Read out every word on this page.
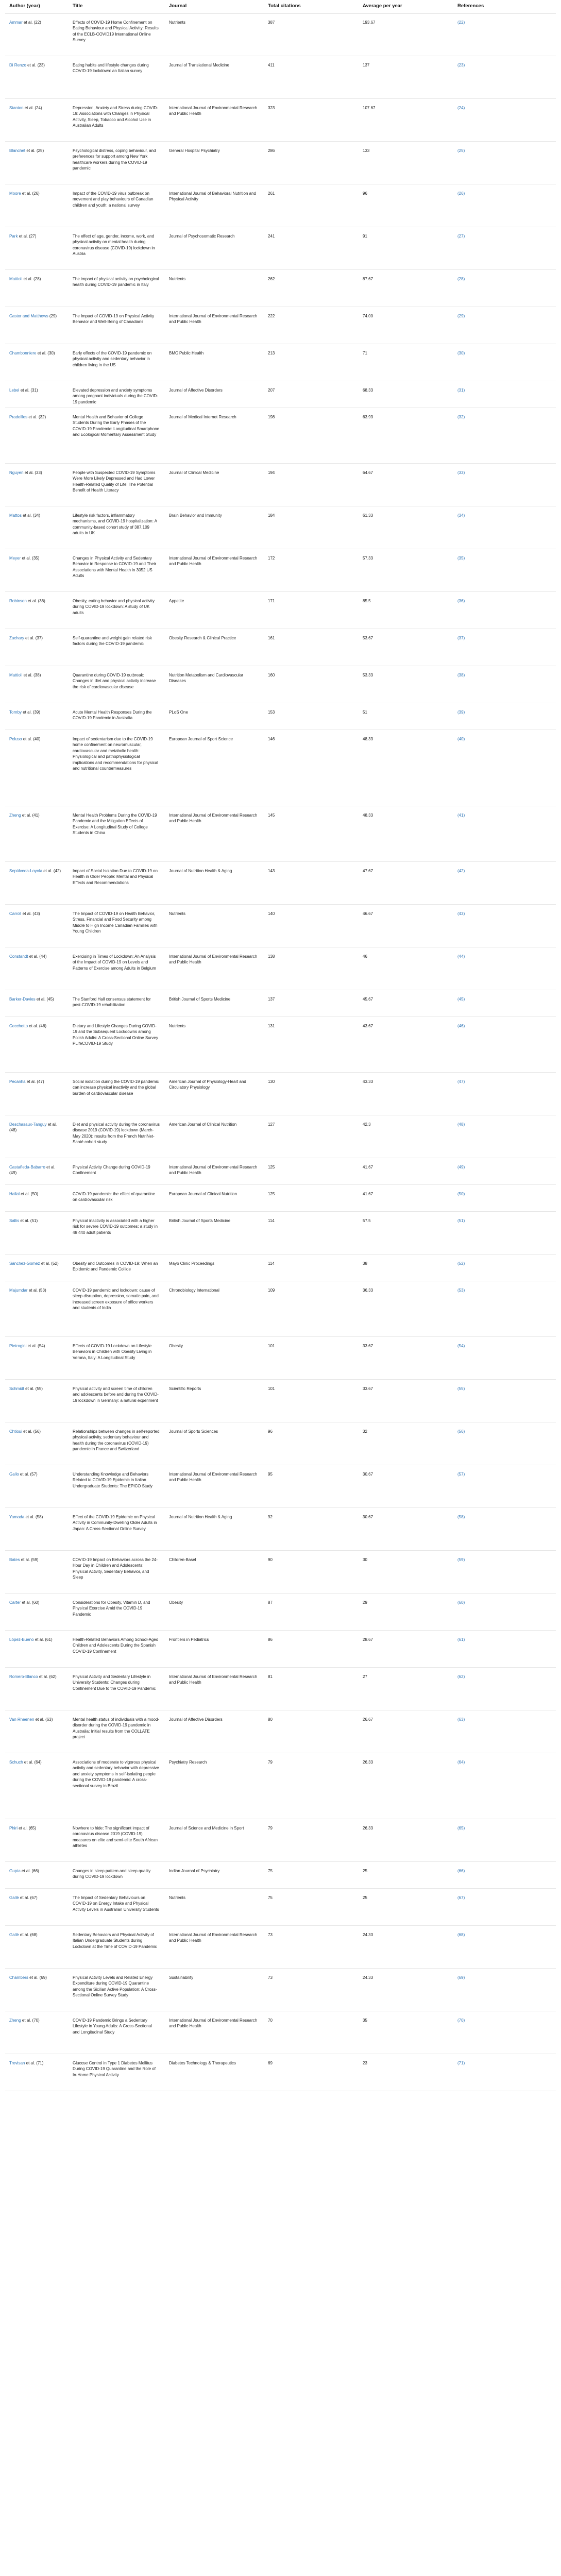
Author (year)	Title	Journal	Total citations	Average per year	References
Ammar et al. (22)	Effects of COVID-19 Home Confinement on Eating Behaviour and Physical Activity: Results of the ECLB-COVID19 International Online Survey	Nutrients	387	193.67	(22)
Di Renzo et al. (23)	Eating habits and lifestyle changes during COVID-19 lockdown: an Italian survey	Journal of Translational Medicine	411	137	(23)
Stanton et al. (24)	Depression, Anxiety and Stress during COVID-19: Associations with Changes in Physical Activity, Sleep, Tobacco and Alcohol Use in Australian Adults	International Journal of Environmental Research and Public Health	323	107.67	(24)
Blanchet et al. (25)	Psychological distress, coping behaviour, and preferences for support among New York healthcare workers during the COVID-19 pandemic	General Hospital Psychiatry	286	133	(25)
Moore et al. (26)	Impact of the COVID-19 virus outbreak on movement and play behaviours of Canadian children and youth: a national survey	International Journal of Behavioral Nutrition and Physical Activity	261	96	(26)
Park et al. (27)	The effect of age, gender, income, work, and physical activity on mental health during coronavirus disease (COVID-19) lockdown in Austria	Journal of Psychosomatic Research	241	91	(27)
Mattioli et al. (28)	The impact of physical activity on psychological health during COVID-19 pandemic in Italy	Nutrients	262	87.67	(28)
Castor and Matthews (29)	The Impact of COVID-19 on Physical Activity Behavior and Well-Being of Canadians	International Journal of Environmental Research and Public Health	222	74.00	(29)
Chambonniere et al. (30)	Early effects of the COVID-19 pandemic on physical activity and sedentary behavior in children living in the US	BMC Public Health	213	71	(30)
Lebel et al. (31)	Elevated depression and anxiety symptoms among pregnant individuals during the COVID-19 pandemic	Journal of Affective Disorders	207	68.33	(31)
Pradeilles et al. (32)	Mental Health and Behavior of College Students During the Early Phases of the COVID-19 Pandemic: Longitudinal Smartphone and Ecological Momentary Assessment Study	Journal of Medical Internet Research	198	63.93	(32)
Nguyen et al. (33)	People with Suspected COVID-19 Symptoms Were More Likely Depressed and Had Lower Health-Related Quality of Life: The Potential Benefit of Health Literacy	Journal of Clinical Medicine	194	64.67	(33)
Mattos et al. (34)	Lifestyle risk factors, inflammatory mechanisms, and COVID-19 hospitalization: A community-based cohort study of 387,109 adults in UK	Brain Behavior and Immunity	184	61.33	(34)
Meyer et al. (35)	Changes in Physical Activity and Sedentary Behavior in Response to COVID-19 and Their Associations with Mental Health in 3052 US Adults	International Journal of Environmental Research and Public Health	172	57.33	(35)
Robinson et al. (36)	Obesity, eating behavior and physical activity during COVID-19 lockdown: A study of UK adults	Appetite	171	85.5	(36)
Zachary et al. (37)	Self-quarantine and weight gain related risk factors during the COVID-19 pandemic	Obesity Research & Clinical Practice	161	53.67	(37)
Mattioli et al. (38)	Quarantine during COVID-19 outbreak: Changes in diet and physical activity increase the risk of cardiovascular disease	Nutrition Metabolism and Cardiovascular Diseases	160	53.33	(38)
Tornby et al. (39)	Acute Mental Health Responses During the COVID-19 Pandemic in Australia	PLoS One	153	51	(39)
Peluso et al. (40)	Impact of sedentarism due to the COVID-19 home confinement on neuromuscular, cardiovascular and metabolic health: Physiological and pathophysiological implications and recommendations for physical and nutritional countermeasures	European Journal of Sport Science	146	48.33	(40)
Zheng et al. (41)	Mental Health Problems During the COVID-19 Pandemic and the Mitigation Effects of Exercise: A Longitudinal Study of College Students in China	International Journal of Environmental Research and Public Health	145	48.33	(41)
Sepúlveda-Loyola et al. (42)	Impact of Social Isolation Due to COVID-19 on Health in Older People: Mental and Physical Effects and Recommendations	Journal of Nutrition Health & Aging	143	47.67	(42)
Carroll et al. (43)	The Impact of COVID-19 on Health Behavior, Stress, Financial and Food Security among Middle to High Income Canadian Families with Young Children	Nutrients	140	46.67	(43)
Constandt et al. (44)	Exercising in Times of Lockdown: An Analysis of the Impact of COVID-19 on Levels and Patterns of Exercise among Adults in Belgium	International Journal of Environmental Research and Public Health	138	46	(44)
Barker-Davies et al. (45)	The Stanford Hall consensus statement for post-COVID-19 rehabilitation	British Journal of Sports Medicine	137	45.67	(45)
Cecchetto et al. (46)	Dietary and Lifestyle Changes During COVID-19 and the Subsequent Lockdowns among Polish Adults: A Cross-Sectional Online Survey PLifeCOVID-19 Study	Nutrients	131	43.67	(46)
Pecanha et al. (47)	Social isolation during the COVID-19 pandemic can increase physical inactivity and the global burden of cardiovascular disease	American Journal of Physiology-Heart and Circulatory Physiology	130	43.33	(47)
Deschasaux-Tanguy et al. (48)	Diet and physical activity during the coronavirus disease 2019 (COVID-19) lockdown (March-May 2020): results from the French NutriNet-Santé cohort study	American Journal of Clinical Nutrition	127	42.3	(48)
Castañeda-Babarro et al. (49)	Physical Activity Change during COVID-19 Confinement	International Journal of Environmental Research and Public Health	125	41.67	(49)
Hallal et al. (50)	COVID-19 pandemic: the effect of quarantine on cardiovascular risk	European Journal of Clinical Nutrition	125	41.67	(50)
Sallis et al. (51)	Physical inactivity is associated with a higher risk for severe COVID-19 outcomes: a study in 48 440 adult patients	British Journal of Sports Medicine	114	57.5	(51)
Sánchez-Gomez et al. (52)	Obesity and Outcomes in COVID-19: When an Epidemic and Pandemic Collide	Mayo Clinic Proceedings	114	38	(52)
Majumdar et al. (53)	COVID-19 pandemic and lockdown: cause of sleep disruption, depression, somatic pain, and increased screen exposure of office workers and students of India	Chronobiology International	109	36.33	(53)
Pietrogini et al. (54)	Effects of COVID-19 Lockdown on Lifestyle Behaviors in Children with Obesity Living in Verona, Italy: A Longitudinal Study	Obesity	101	33.67	(54)
Schmidt et al. (55)	Physical activity and screen time of children and adolescents before and during the COVID-19 lockdown in Germany: a natural experiment	Scientific Reports	101	33.67	(55)
Chtioui et al. (56)	Relationships between changes in self-reported physical activity, sedentary behaviour and health during the coronavirus (COVID-19) pandemic in France and Switzerland	Journal of Sports Sciences	96	32	(56)
Gallo et al. (57)	Understanding Knowledge and Behaviors Related to COVID-19 Epidemic in Italian Undergraduate Students: The EPICO Study	International Journal of Environmental Research and Public Health	95	30.67	(57)
Yamada et al. (58)	Effect of the COVID-19 Epidemic on Physical Activity in Community-Dwelling Older Adults in Japan: A Cross-Sectional Online Survey	Journal of Nutrition Health & Aging	92	30.67	(58)
Bates et al. (59)	COVID-19 Impact on Behaviors across the 24-Hour Day in Children and Adolescents: Physical Activity, Sedentary Behavior, and Sleep	Children-Basel	90	30	(59)
Carter et al. (60)	Considerations for Obesity, Vitamin D, and Physical Exercise Amid the COVID-19 Pandemic	Obesity	87	29	(60)
López-Bueno et al. (61)	Health-Related Behaviors Among School-Aged Children and Adolescents During the Spanish COVID-19 Confinement	Frontiers in Pediatrics	86	28.67	(61)
Romero-Blanco et al. (62)	Physical Activity and Sedentary Lifestyle in University Students: Changes during Confinement Due to the COVID-19 Pandemic	International Journal of Environmental Research and Public Health	81	27	(62)
Van Rheenen et al. (63)	Mental health status of individuals with a mood-disorder during the COVID-19 pandemic in Australia: Initial results from the COLLATE project	Journal of Affective Disorders	80	26.67	(63)
Schuch et al. (64)	Associations of moderate to vigorous physical activity and sedentary behavior with depressive and anxiety symptoms in self-isolating people during the COVID-19 pandemic: A cross-sectional survey in Brazil	Psychiatry Research	79	26.33	(64)
Phiri et al. (65)	Nowhere to hide: The significant impact of coronavirus disease 2019 (COVID-19) measures on elite and semi-elite South African athletes	Journal of Science and Medicine in Sport	79	26.33	(65)
Gupta et al. (66)	Changes in sleep pattern and sleep quality during COVID-19 lockdown	Indian Journal of Psychiatry	75	25	(66)
Gallè et al. (67)	The Impact of Sedentary Behaviours on COVID-19 on Energy Intake and Physical Activity Levels in Australian University Students	Nutrients	75	25	(67)
Gallè et al. (68)	Sedentary Behaviors and Physical Activity of Italian Undergraduate Students during Lockdown at the Time of COVID-19 Pandemic	International Journal of Environmental Research and Public Health	73	24.33	(68)
Chambers et al. (69)	Physical Activity Levels and Related Energy Expenditure during COVID-19 Quarantine among the Sicilian Active Population: A Cross-Sectional Online Survey Study	Sustainability	73	24.33	(69)
Zheng et al. (70)	COVID-19 Pandemic Brings a Sedentary Lifestyle in Young Adults: A Cross-Sectional and Longitudinal Study	International Journal of Environmental Research and Public Health	70	35	(70)
Trevisan et al. (71)	Glucose Control in Type 1 Diabetes Mellitus During COVID-19 Quarantine and the Role of In-Home Physical Activity	Diabetes Technology & Therapeutics	69	23	(71)
